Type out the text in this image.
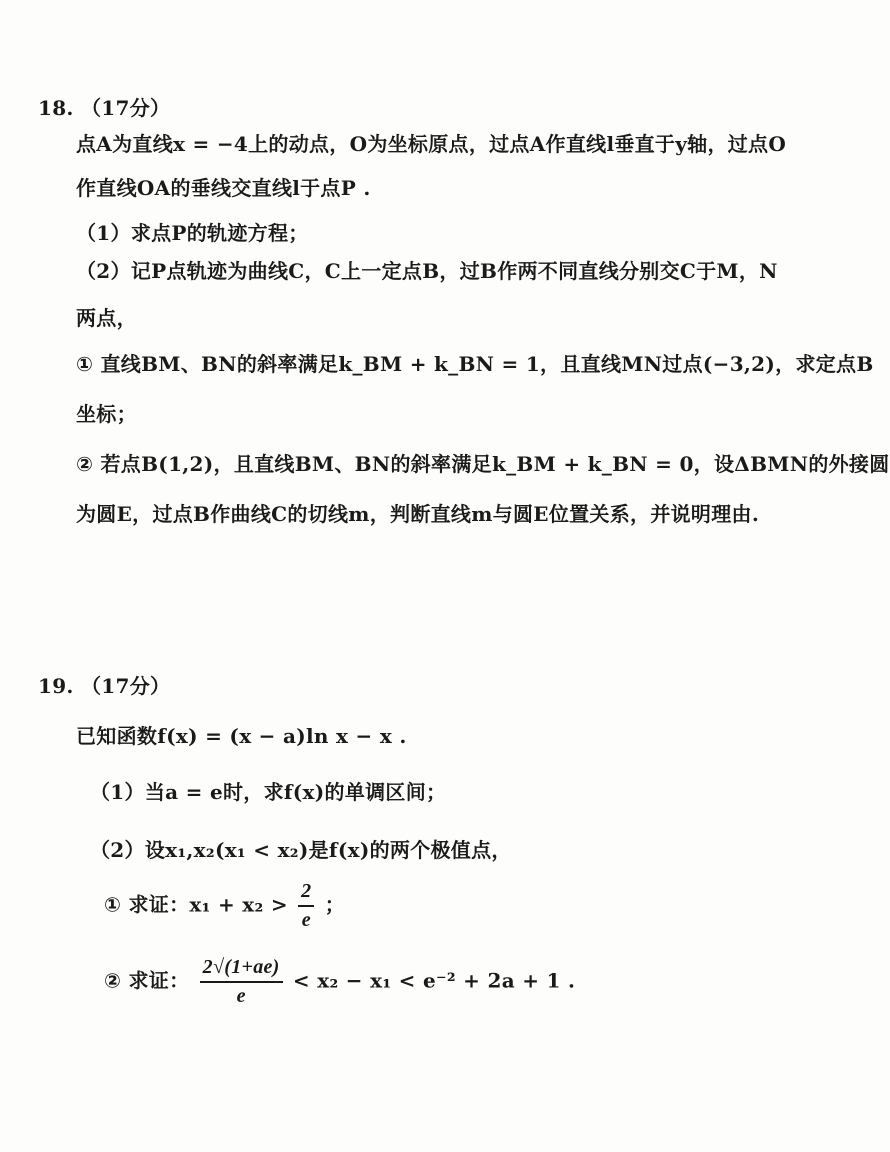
18. （17分）
点A为直线x = −4上的动点，O为坐标原点，过点A作直线l垂直于y轴，过点O
作直线OA的垂线交直线l于点P .
（1）求点P的轨迹方程；
（2）记P点轨迹为曲线C，C上一定点B，过B作两不同直线分别交C于M，N
两点，
① 直线BM、BN的斜率满足k_BM + k_BN = 1，且直线MN过点(−3,2)，求定点B
坐标；
② 若点B(1,2)，且直线BM、BN的斜率满足k_BM + k_BN = 0，设ΔBMN的外接圆
为圆E，过点B作曲线C的切线m，判断直线m与圆E位置关系，并说明理由.
19. （17分）
已知函数f(x) = (x − a)ln x − x .
（1）当a = e时，求f(x)的单调区间；
（2）设x₁,x₂(x₁ < x₂)是f(x)的两个极值点，
① 求证：$x_1 + x_2 > \frac{2}{e}$ ；
② 求证： $\frac{2√(1+ae)}{e} < x_2 - x_1 < e^{-2} + 2a + 1$ .
